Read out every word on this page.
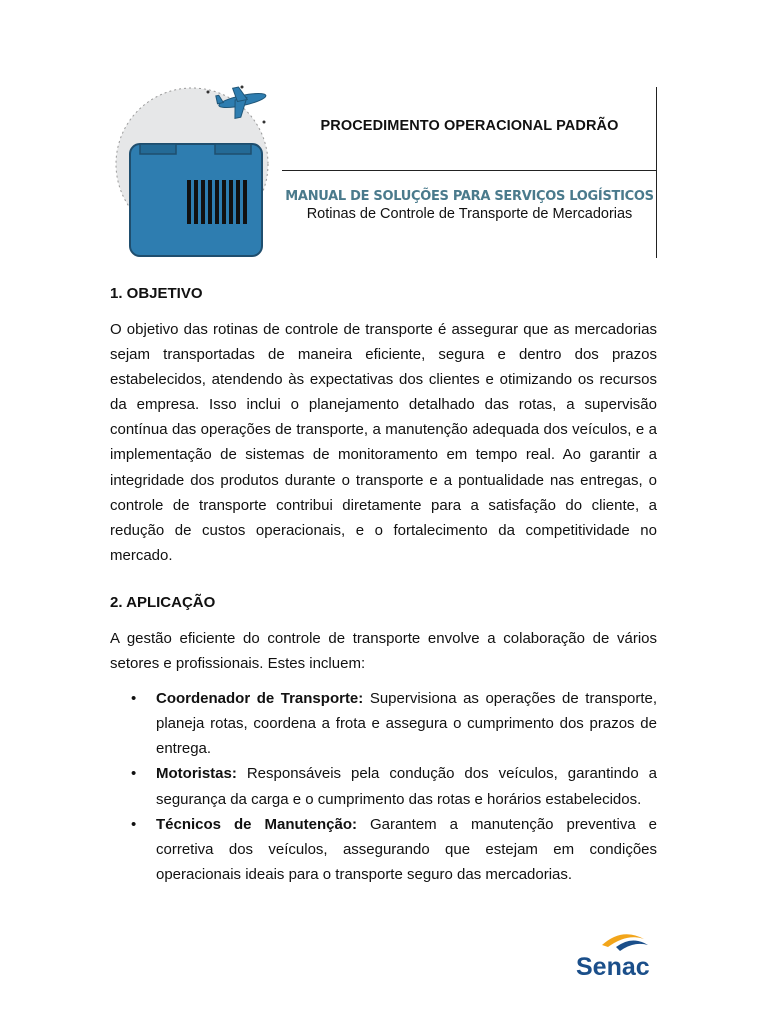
PROCEDIMENTO OPERACIONAL PADRÃO
MANUAL DE SOLUÇÕES PARA SERVIÇOS LOGÍSTICOS
Rotinas de Controle de Transporte de Mercadorias
1. OBJETIVO

O objetivo das rotinas de controle de transporte é assegurar que as mercadorias sejam transportadas de maneira eficiente, segura e dentro dos prazos estabelecidos, atendendo às expectativas dos clientes e otimizando os recursos da empresa. Isso inclui o planejamento detalhado das rotas, a supervisão contínua das operações de transporte, a manutenção adequada dos veículos, e a implementação de sistemas de monitoramento em tempo real. Ao garantir a integridade dos produtos durante o transporte e a pontualidade nas entregas, o controle de transporte contribui diretamente para a satisfação do cliente, a redução de custos operacionais, e o fortalecimento da competitividade no mercado.

2. APLICAÇÃO

A gestão eficiente do controle de transporte envolve a colaboração de vários setores e profissionais. Estes incluem:

• Coordenador de Transporte: Supervisiona as operações de transporte, planeja rotas, coordena a frota e assegura o cumprimento dos prazos de entrega.
• Motoristas: Responsáveis pela condução dos veículos, garantindo a segurança da carga e o cumprimento das rotas e horários estabelecidos.
• Técnicos de Manutenção: Garantem a manutenção preventiva e corretiva dos veículos, assegurando que estejam em condições operacionais ideais para o transporte seguro das mercadorias.
Senac
